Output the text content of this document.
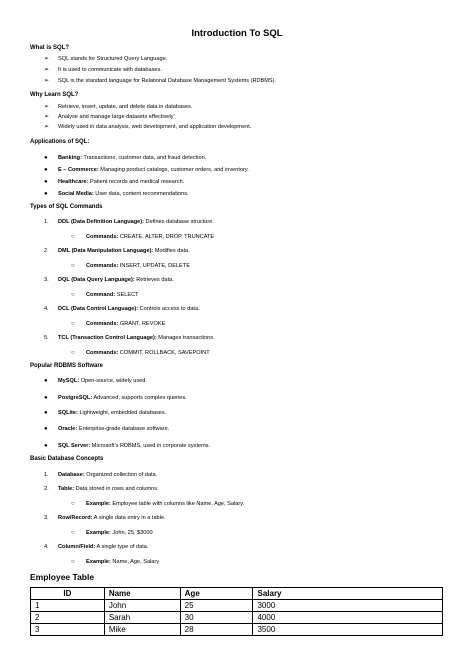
Introduction To SQL
What is SQL?
➢ SQL stands for Structured Query Language.
➢ It is used to communicate with databases.
➢ SQL is the standard language for Relational Database Management Systems (RDBMS).
Why Learn SQL?
➢ Retrieve, insert, update, and delete data in databases.
➢ Analyse and manage large datasets effectively'
➢ Widely used in data analysis, web development, and application development.
Applications of SQL:
● Banking: Transactions, customer data, and fraud detection.
● E – Commerce: Managing product catalogs, customer orders, and inventory.
● Healthcare: Patient records and medical research.
● Social Media: User data, content recommendations.
Types of SQL Commands
1. DDL (Data Definition Language): Defines database structure.
○ Commands: CREATE, ALTER, DROP, TRUNCATE
2. DML (Data Manipulation Language): Modifies data.
○ Commands: INSERT, UPDATE, DELETE
3. DQL (Data Query Language): Retrieves data.
○ Command: SELECT
4. DCL (Data Control Language): Controls access to data.
○ Commands: GRANT, REVOKE
5. TCL (Transaction Control Language): Manages transactions.
○ Commands: COMMIT, ROLLBACK, SAVEPOINT
Popular RDBMS Software
● MySQL: Open-source, widely used.
● PostgreSQL: Advanced, supports complex queries.
● SQLite: Lightweight, embedded databases.
● Oracle: Enterprise-grade database software.
● SQL Server: Microsoft’s RDBMS, used in corporate systems.
Basic Database Concepts
1. Database: Organized collection of data.
2. Table: Data stored in rows and columns.
○ Example: Employee table with columns like Name, Age, Salary.
3. Row/Record: A single data entry in a table.
○ Example: John, 25, $3000
4. Column/Field: A single type of data.
○ Example: Name, Age, Salary
Employee Table
ID	Name	Age	Salary
1	John	25	3000
2	Sarah	30	4000
3	Mike	28	3500
